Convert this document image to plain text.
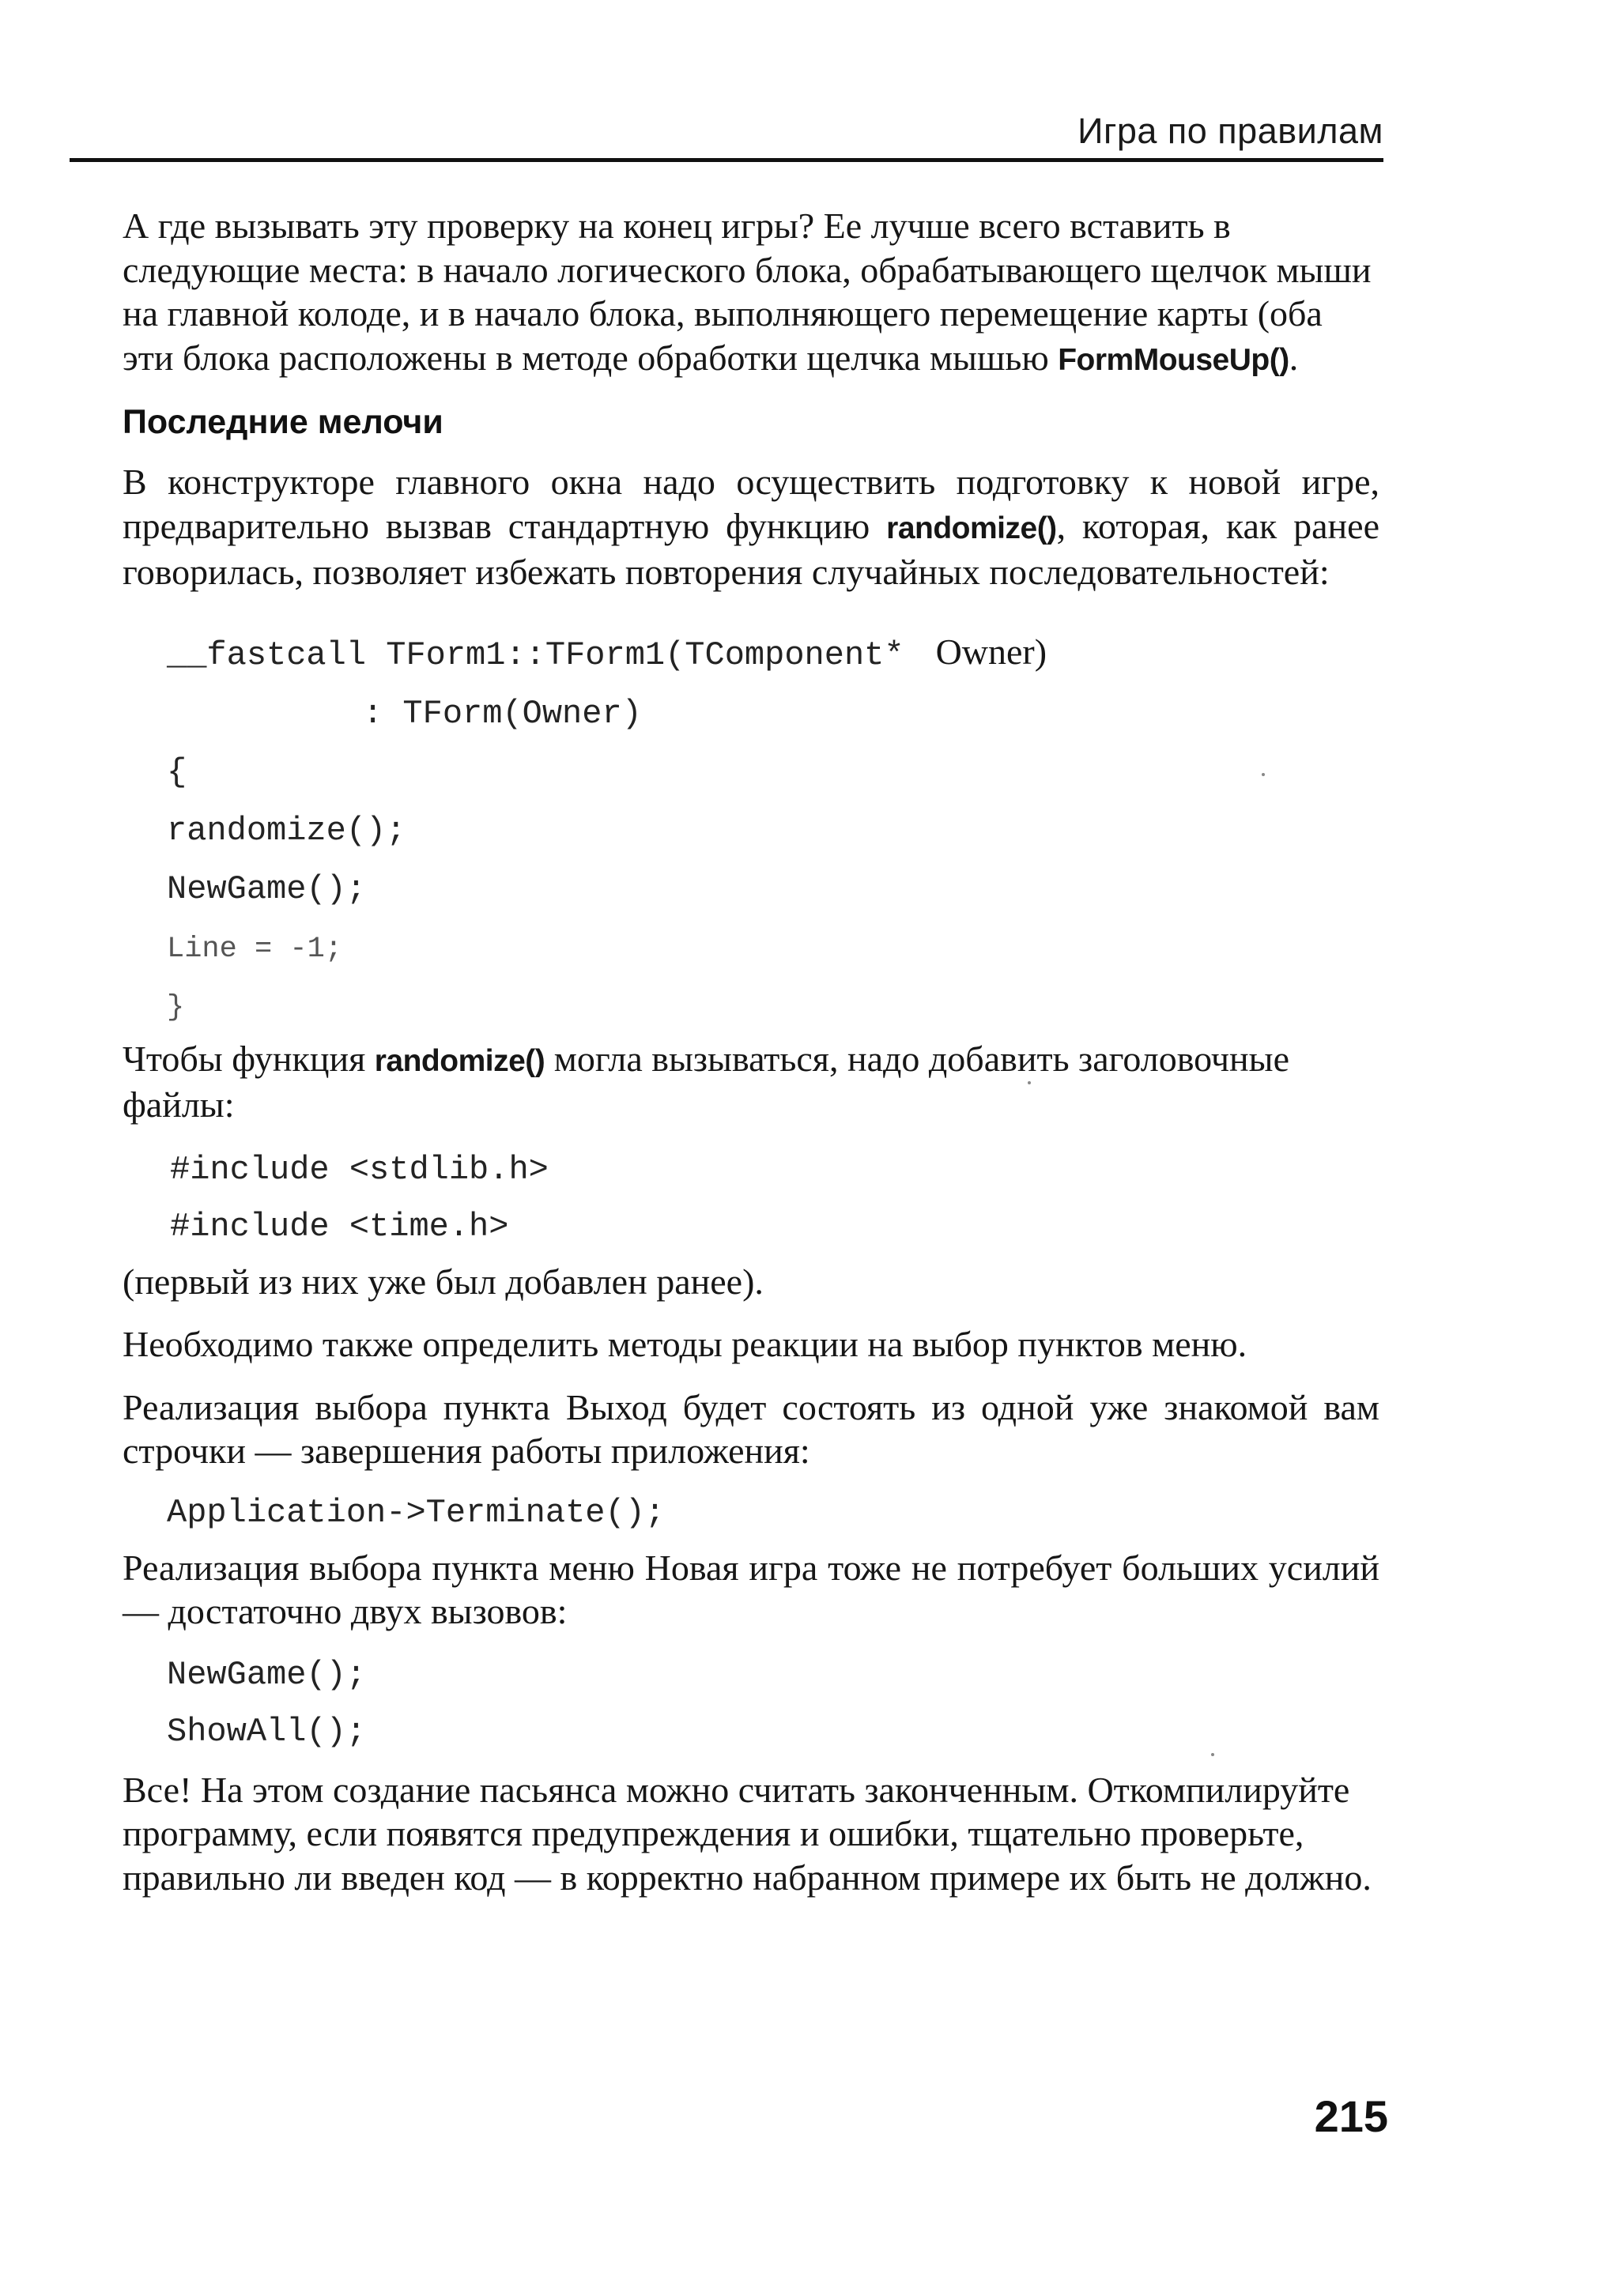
Игра по правилам

А где вызывать эту проверку на конец игры? Ее лучше всего вставить в следующие места: в начало логического блока, обрабатывающего щелчок мыши на главной колоде, и в начало блока, выполняющего перемещение карты (оба эти блока расположены в методе обработки щелчка мышью FormMouseUp().

Последние мелочи

В конструкторе главного окна надо осуществить подготовку к новой игре, предварительно вызвав стандартную функцию randomize(), которая, как ранее говорилась, позволяет избежать повторения случайных последовательностей:

__fastcall TForm1::TForm1(TComponent* Owner)
: TForm(Owner)
{
randomize();
NewGame();
Line = -1;
}

Чтобы функция randomize() могла вызываться, надо добавить заголовочные файлы:

#include <stdlib.h>
#include <time.h>

(первый из них уже был добавлен ранее).

Необходимо также определить методы реакции на выбор пунктов меню.

Реализация выбора пункта Выход будет состоять из одной уже знакомой вам строчки — завершения работы приложения:

Application->Terminate();

Реализация выбора пункта меню Новая игра тоже не потребует больших усилий — достаточно двух вызовов:

NewGame();
ShowAll();

Все! На этом создание пасьянса можно считать законченным. Откомпилируйте программу, если появятся предупреждения и ошибки, тщательно проверьте, правильно ли введен код — в корректно набранном примере их быть не должно.

215
